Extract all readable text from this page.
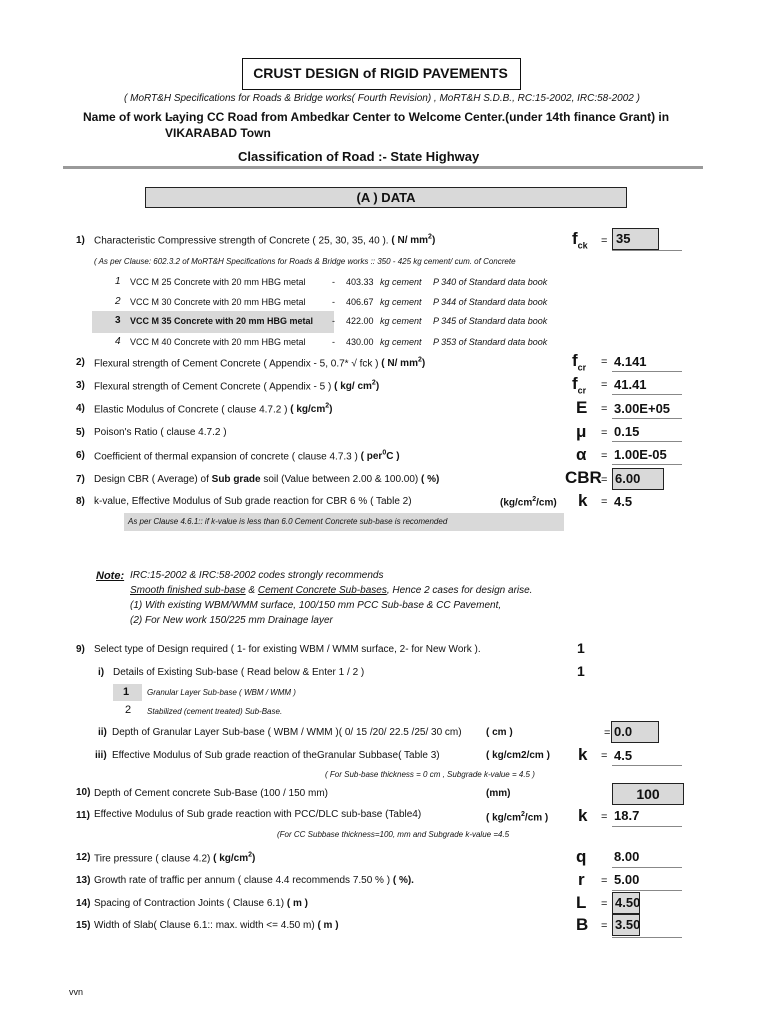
CRUST DESIGN of RIGID PAVEMENTS
( MoRT&H Specifications for Roads & Bridge works( Fourth Revision) , MoRT&H S.D.B., RC:15-2002, IRC:58-2002 )
Name of work :-
Laying CC Road from Ambedkar Center to Welcome Center.(under 14th finance Grant) in
VIKARABAD Town
Classification of Road :- State Highway
(A ) DATA
1) Characteristic Compressive strength of Concrete ( 25, 30, 35, 40 ). ( N/ $mm^2$)	$f_{ck} = 35$
( As per Clause: 602.3.2 of MoRT&H Specifications for Roads & Bridge works :: 350 - 425 kg cement/ cum. of Concrete
1 VCC M 25 Concrete with 20 mm HBG metal	- 403.33 kg cement P 340 of Standard data book
2 VCC M 30 Concrete with 20 mm HBG metal	- 406.67 kg cement P 344 of Standard data book
3 VCC M 35 Concrete with 20 mm HBG metal - 422.00 kg cement P 345 of Standard data book
4 VCC M 40 Concrete with 20 mm HBG metal	- 430.00 kg cement P 353 of Standard data book
2) Flexural strength of Cement Concrete ( Appendix - 5, 0.7* √ fck ) ( N/ $mm^2$)	$f_{cr} = 4.141$
3) Flexural strength of Cement Concrete ( Appendix - 5 ) ( kg/ $cm^2$)	$f_{cr} = 41.41$
4) Elastic Modulus of Concrete ( clause 4.7.2 ) ( $kg/cm^2$)	E = 3.00E+05
5) Poison's Ratio ( clause 4.7.2 )	μ = 0.15
6) Coefficient of thermal expansion of concrete ( clause 4.7.3 ) ( per$^0$C )	α = 1.00E-05
7) Design CBR ( Average) of Sub grade soil (Value between 2.00 & 100.00) ( %)	CBR = 6.00
8) k-value, Effective Modulus of Sub grade reaction for CBR 6 % ( Table 2)	$(kg/cm^2/cm) k = 4.5$
As per Clause 4.6.1:: if k-value is less than 6.0 Cement Concrete sub-base is recomended
Note: IRC:15-2002 & IRC:58-2002 codes strongly recommends
Smooth finished sub-base & Cement Concrete Sub-bases, Hence 2 cases for design arise.
(1) With existing WBM/WMM surface, 100/150 mm PCC Sub-base & CC Pavement,
(2) For New work 150/225 mm Drainage layer
9) Select type of Design required ( 1- for existing WBM / WMM surface, 2- for New Work ).	1
i) Details of Existing Sub-base ( Read below & Enter 1 / 2 )	1
1 Granular Layer Sub-base ( WBM / WMM )
2 Stabilized (cement treated) Sub-Base.
ii) Depth of Granular Layer Sub-base ( WBM / WMM )( 0/ 15 /20/ 22.5 /25/ 30 cm) ( cm )	= 0.0
iii) Effective Modulus of Sub grade reaction of theGranular Subbase( Table 3)	( kg/cm2/cm ) k = 4.5
( For Sub-base thickness = 0 cm , Subgrade k-value = 4.5 )
10) Depth of Cement concrete Sub-Base (100 / 150 mm)	(mm)	100
11) Effective Modulus of Sub grade reaction with PCC/DLC sub-base (Table4)	( $kg/cm^2/cm$ ) k = 18.7
(For CC Subbase thickness=100, mm and Subgrade k-value =4.5
12) Tire pressure ( clause 4.2) ( $kg/cm^2$)	q 8.00
13) Growth rate of traffic per annum ( clause 4.4 recommends 7.50 % ) ( %).	r = 5.00
14) Spacing of Contraction Joints ( Clause 6.1) ( m )	L = 4.50
15) Width of Slab( Clause 6.1:: max. width <= 4.50 m) ( m )	B = 3.50
vvn
